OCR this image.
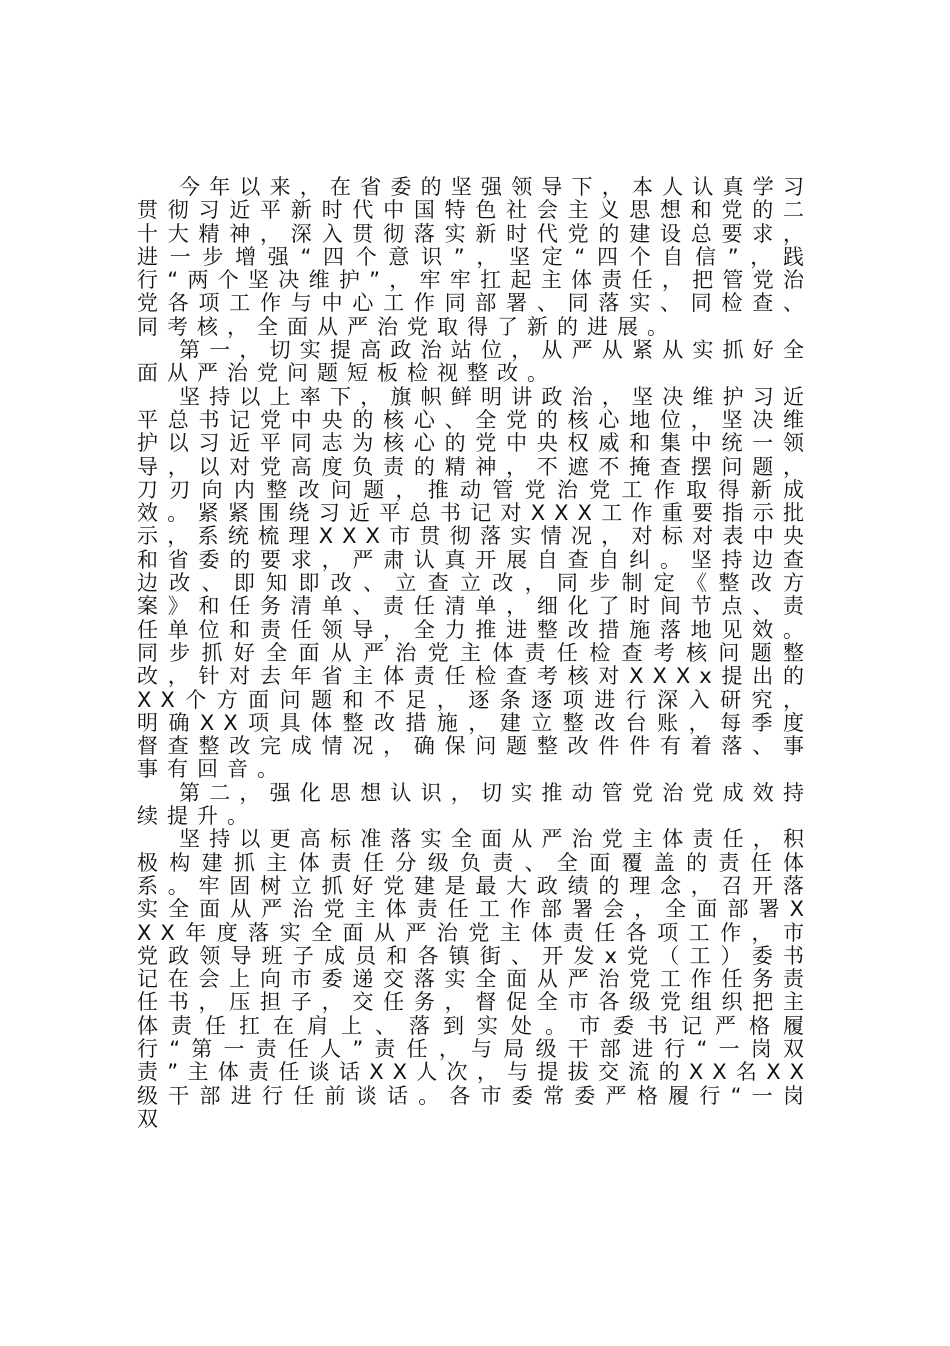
今年以来，在省委的坚强领导下，本人认真学习贯彻习近平新时代中国特色社会主义思想和党的二十大精神，深入贯彻落实新时代党的建设总要求，进一步增强“四个意识”，坚定“四个自信”，践行“两个坚决维护”，牢牢扛起主体责任，把管党治党各项工作与中心工作同部署、同落实、同检查、同考核，全面从严治党取得了新的进展。

第一，切实提高政治站位，从严从紧从实抓好全面从严治党问题短板检视整改。

坚持以上率下，旗帜鲜明讲政治，坚决维护习近平总书记党中央的核心、全党的核心地位，坚决维护以习近平同志为核心的党中央权威和集中统一领导，以对党高度负责的精神，不遮不掩查摆问题，刀刃向内整改问题，推动管党治党工作取得新成效。紧紧围绕习近平总书记对XXX工作重要指示批示，系统梳理XXX市贯彻落实情况，对标对表中央和省委的要求，严肃认真开展自查自纠。坚持边查边改、即知即改、立查立改，同步制定《整改方案》和任务清单、责任清单，细化了时间节点、责任单位和责任领导，全力推进整改措施落地见效。同步抓好全面从严治党主体责任检查考核问题整改，针对去年省主体责任检查考核对XXXx提出的XX个方面问题和不足，逐条逐项进行深入研究，明确XX项具体整改措施，建立整改台账，每季度督查整改完成情况，确保问题整改件件有着落、事事有回音。

第二，强化思想认识，切实推动管党治党成效持续提升。

坚持以更高标准落实全面从严治党主体责任，积极构建抓主体责任分级负责、全面覆盖的责任体系。牢固树立抓好党建是最大政绩的理念，召开落实全面从严治党主体责任工作部署会，全面部署XXX年度落实全面从严治党主体责任各项工作，市党政领导班子成员和各镇街、开发x党（工）委书记在会上向市委递交落实全面从严治党工作任务责任书，压担子，交任务，督促全市各级党组织把主体责任扛在肩上、落到实处。市委书记严格履行“第一责任人”责任，与局级干部进行“一岗双责”主体责任谈话XX人次，与提拔交流的XX名XX级干部进行任前谈话。各市委常委严格履行“一岗双
